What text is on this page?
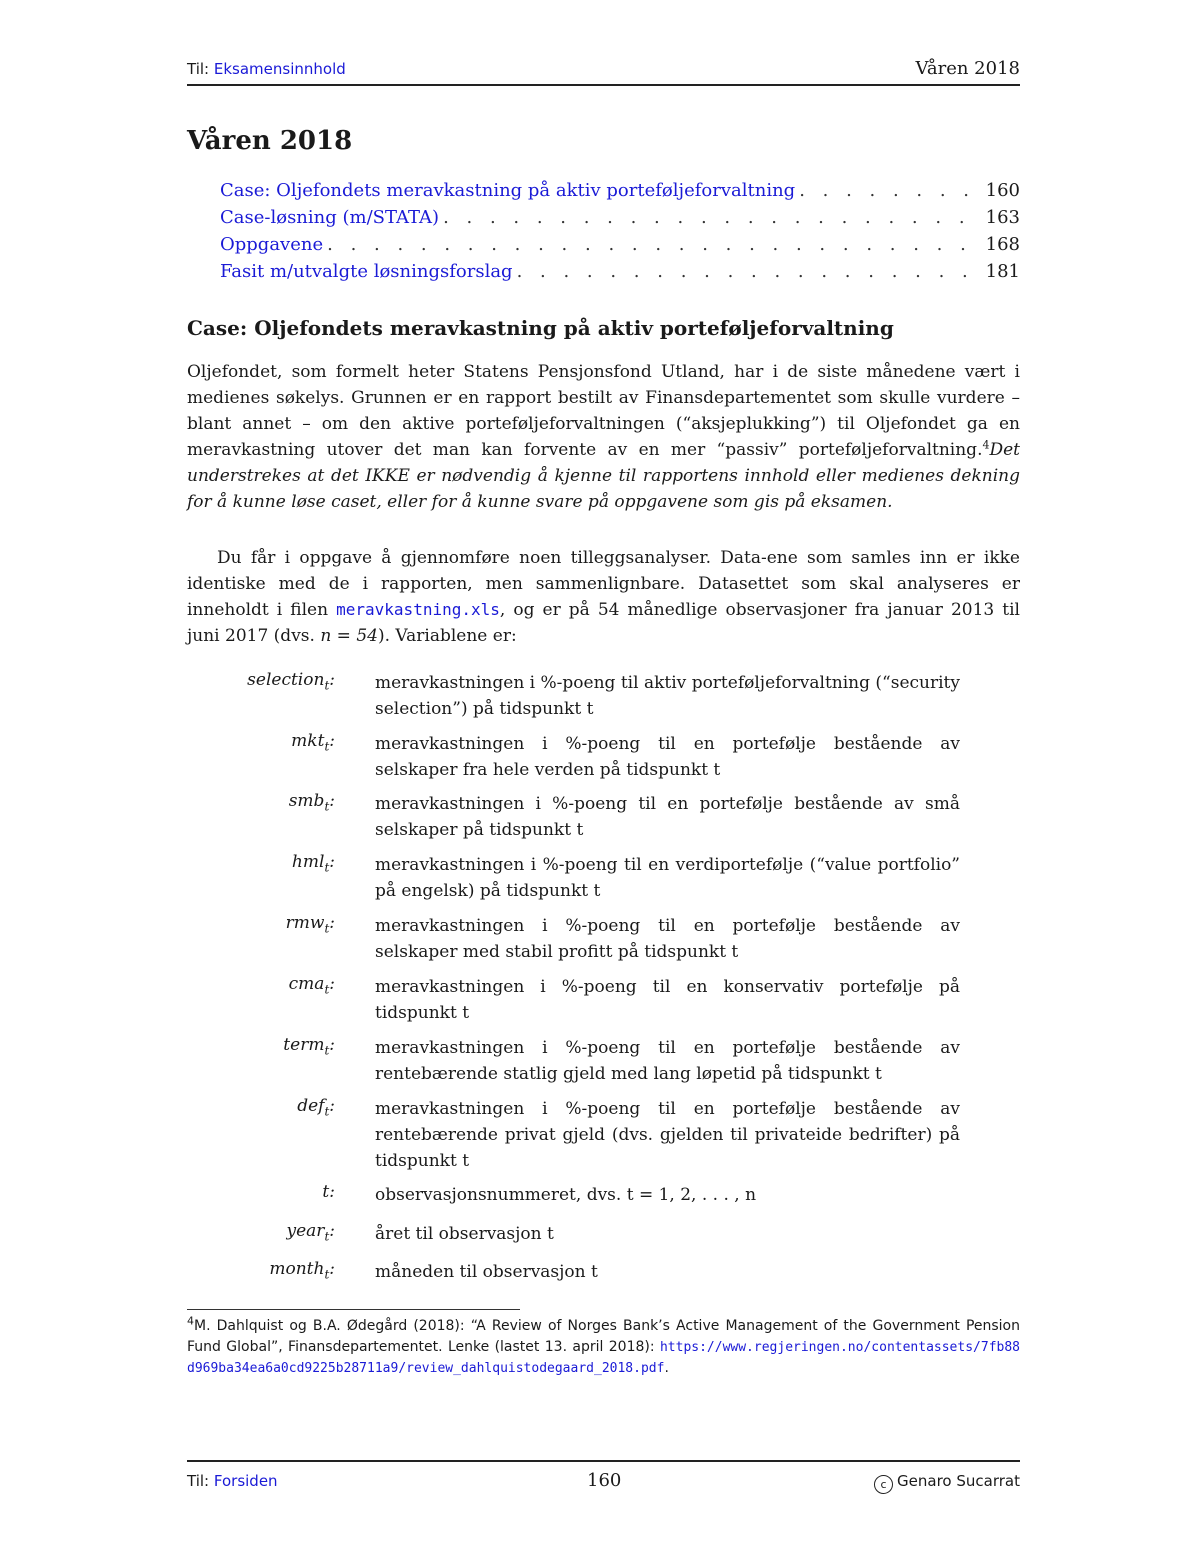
Til: Eksamensinnhold	Våren 2018
Våren 2018
Case: Oljefondets meravkastning på aktiv porteføljeforvaltning . . .	160
Case-løsning (m/STATA) . . .	163
Oppgavene . . .	168
Fasit m/utvalgte løsningsforslag . . .	181
Case: Oljefondets meravkastning på aktiv porteføljeforvaltning

Oljefondet, som formelt heter Statens Pensjonsfond Utland, har i de siste månedene vært i medienes søkelys. Grunnen er en rapport bestilt av Finansdepartementet som skulle vurdere – blant annet – om den aktive porteføljeforvaltningen (“aksjeplukking”) til Oljefondet ga en meravkastning utover det man kan forvente av en mer “passiv” porteføljeforvaltning.$^4$Det understrekes at det IKKE er nødvendig å kjenne til rapportens innhold eller medienes dekning for å kunne løse caset, eller for å kunne svare på oppgavene som gis på eksamen.

Du får i oppgave å gjennomføre noen tilleggsanalyser. Data-ene som samles inn er ikke identiske med de i rapporten, men sammenlignbare. Datasettet som skal analyseres er inneholdt i filen meravkastning.xls, og er på 54 månedlige observasjoner fra januar 2013 til juni 2017 (dvs. n = 54). Variablene er:

selection$_t$: meravkastningen i %-poeng til aktiv porteføljeforvaltning (“security selection”) på tidspunkt t
mkt$_t$: meravkastningen i %-poeng til en portefølje bestående av selskaper fra hele verden på tidspunkt t
smb$_t$: meravkastningen i %-poeng til en portefølje bestående av små selskaper på tidspunkt t
hml$_t$: meravkastningen i %-poeng til en verdiportefølje (“value portfolio” på engelsk) på tidspunkt t
rmw$_t$: meravkastningen i %-poeng til en portefølje bestående av selskaper med stabil profitt på tidspunkt t
cma$_t$: meravkastningen i %-poeng til en konservativ portefølje på tidspunkt t
term$_t$: meravkastningen i %-poeng til en portefølje bestående av rentebærende statlig gjeld med lang løpetid på tidspunkt t
def$_t$: meravkastningen i %-poeng til en portefølje bestående av rentebærende privat gjeld (dvs. gjelden til privateide bedrifter) på tidspunkt t
t: observasjonsnummeret, dvs. t = 1, 2, . . . , n
year$_t$: året til observasjon t
month$_t$: måneden til observasjon t

$^4$M. Dahlquist og B.A. Ødegård (2018): “A Review of Norges Bank’s Active Management of the Government Pension Fund Global”, Finansdepartementet. Lenke (lastet 13. april 2018): https://www.regjeringen.no/contentassets/7fb88d969ba34ea6a0cd9225b28711a9/review_dahlquistodegaard_2018.pdf.

Til: Forsiden	160	c Genaro Sucarrat
